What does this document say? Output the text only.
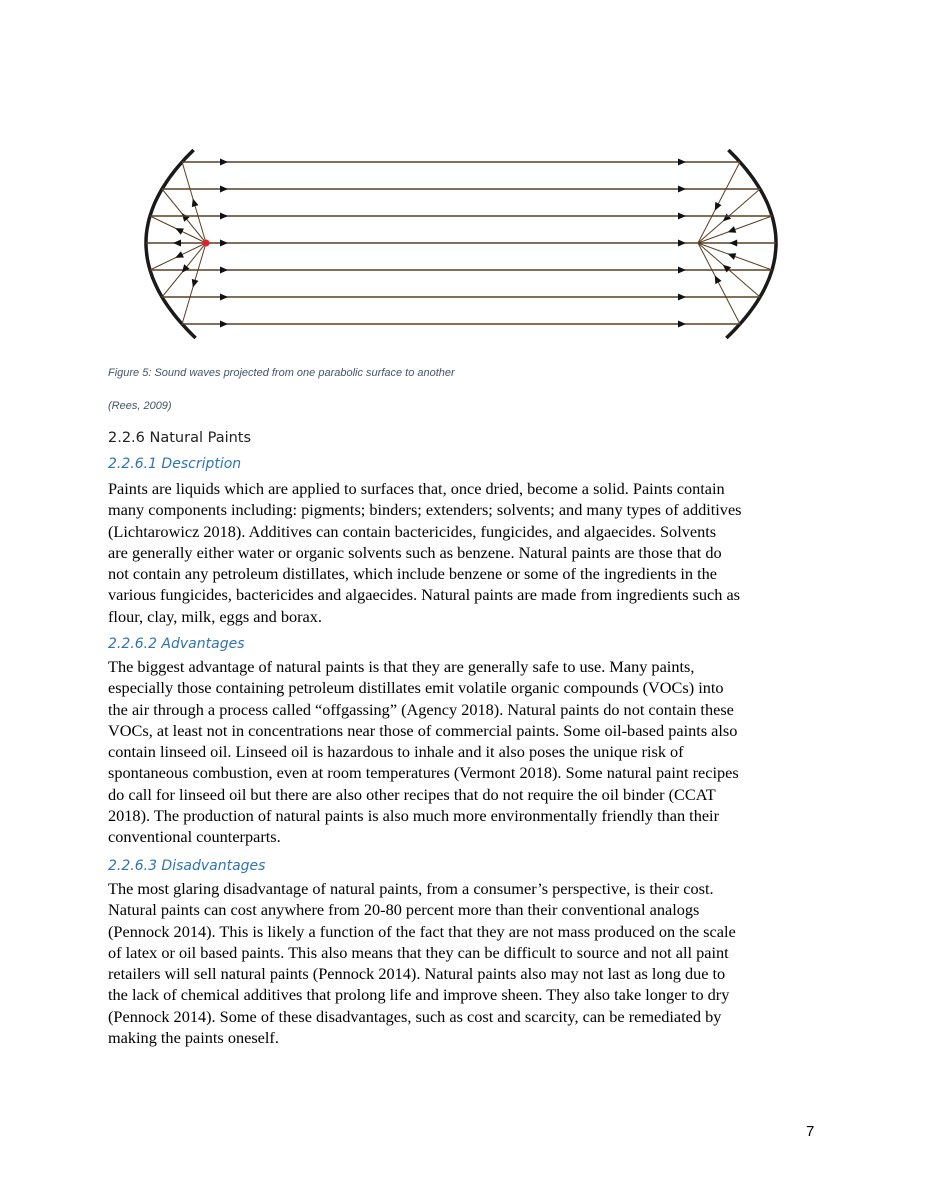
Figure 5: Sound waves projected from one parabolic surface to another
(Rees, 2009)
2.2.6 Natural Paints
2.2.6.1 Description
Paints are liquids which are applied to surfaces that, once dried, become a solid. Paints contain
many components including: pigments; binders; extenders; solvents; and many types of additives
(Lichtarowicz 2018). Additives can contain bactericides, fungicides, and algaecides. Solvents
are generally either water or organic solvents such as benzene. Natural paints are those that do
not contain any petroleum distillates, which include benzene or some of the ingredients in the
various fungicides, bactericides and algaecides. Natural paints are made from ingredients such as
flour, clay, milk, eggs and borax.
2.2.6.2 Advantages
The biggest advantage of natural paints is that they are generally safe to use. Many paints,
especially those containing petroleum distillates emit volatile organic compounds (VOCs) into
the air through a process called “offgassing” (Agency 2018). Natural paints do not contain these
VOCs, at least not in concentrations near those of commercial paints. Some oil-based paints also
contain linseed oil. Linseed oil is hazardous to inhale and it also poses the unique risk of
spontaneous combustion, even at room temperatures (Vermont 2018). Some natural paint recipes
do call for linseed oil but there are also other recipes that do not require the oil binder (CCAT
2018). The production of natural paints is also much more environmentally friendly than their
conventional counterparts.
2.2.6.3 Disadvantages
The most glaring disadvantage of natural paints, from a consumer’s perspective, is their cost.
Natural paints can cost anywhere from 20-80 percent more than their conventional analogs
(Pennock 2014). This is likely a function of the fact that they are not mass produced on the scale
of latex or oil based paints. This also means that they can be difficult to source and not all paint
retailers will sell natural paints (Pennock 2014). Natural paints also may not last as long due to
the lack of chemical additives that prolong life and improve sheen. They also take longer to dry
(Pennock 2014). Some of these disadvantages, such as cost and scarcity, can be remediated by
making the paints oneself.
7
